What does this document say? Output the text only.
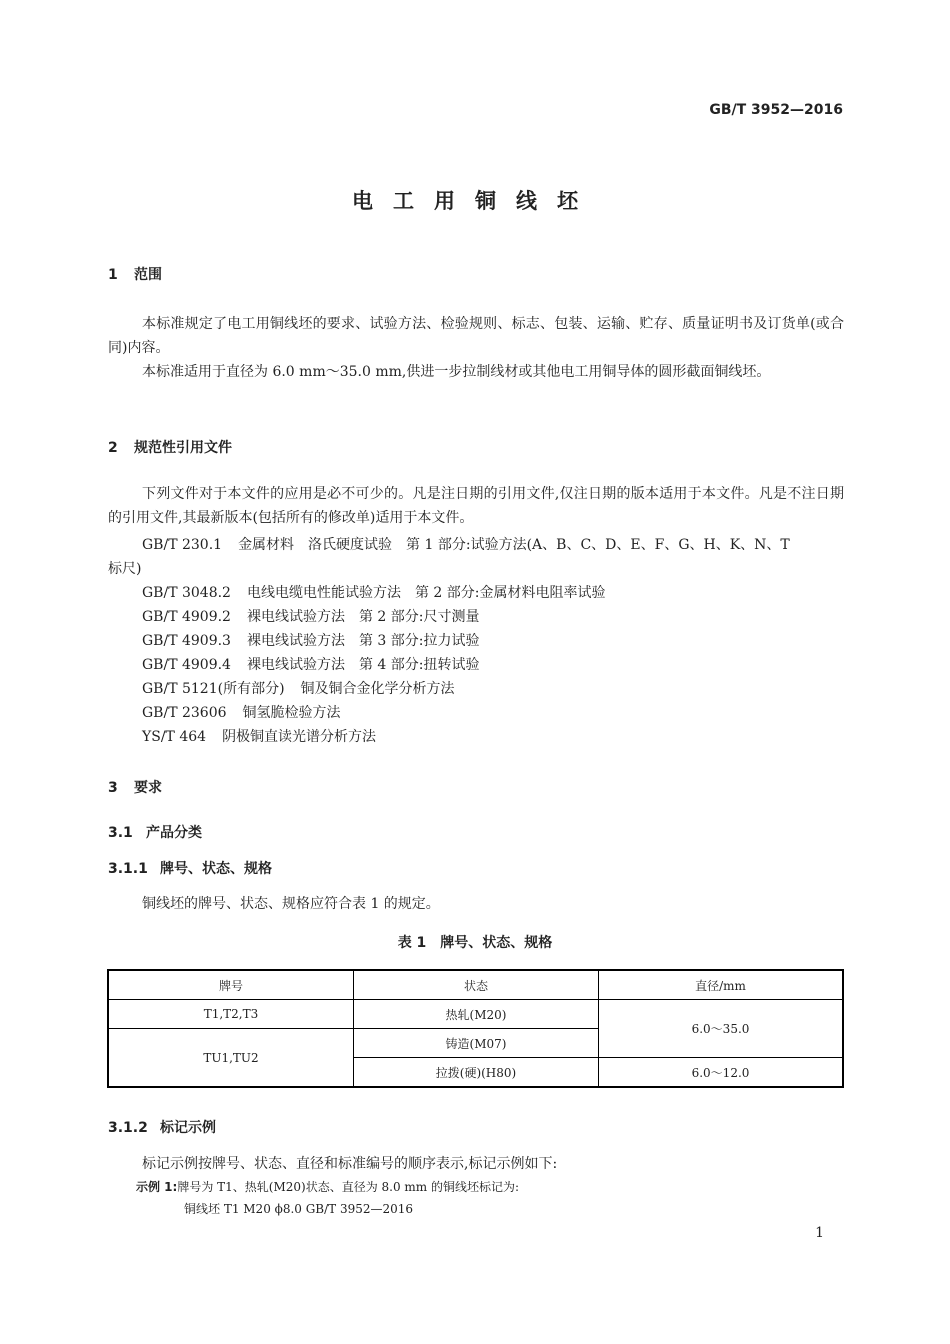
GB/T 3952—2016
电工用铜线坯
1 范围
本标准规定了电工用铜线坯的要求、试验方法、检验规则、标志、包装、运输、贮存、质量证明书及订货单(或合同)内容。
本标准适用于直径为 6.0 mm～35.0 mm,供进一步拉制线材或其他电工用铜导体的圆形截面铜线坯。
2 规范性引用文件
下列文件对于本文件的应用是必不可少的。凡是注日期的引用文件,仅注日期的版本适用于本文件。凡是不注日期的引用文件,其最新版本(包括所有的修改单)适用于本文件。
GB/T 230.1 金属材料　洛氏硬度试验　第 1 部分:试验方法(A、B、C、D、E、F、G、H、K、N、T
标尺)
GB/T 3048.2 电线电缆电性能试验方法　第 2 部分:金属材料电阻率试验
GB/T 4909.2 裸电线试验方法　第 2 部分:尺寸测量
GB/T 4909.3 裸电线试验方法　第 3 部分:拉力试验
GB/T 4909.4 裸电线试验方法　第 4 部分:扭转试验
GB/T 5121(所有部分) 铜及铜合金化学分析方法
GB/T 23606 铜氢脆检验方法
YS/T 464 阴极铜直读光谱分析方法
3 要求
3.1 产品分类
3.1.1 牌号、状态、规格
铜线坯的牌号、状态、规格应符合表 1 的规定。
表 1　牌号、状态、规格
牌号	状态	直径/mm
T1,T2,T3	热轧(M20)	6.0～35.0
TU1,TU2	铸造(M07)	
	拉拨(硬)(H80)	6.0～12.0
3.1.2 标记示例
标记示例按牌号、状态、直径和标准编号的顺序表示,标记示例如下:
示例 1:牌号为 T1、热轧(M20)状态、直径为 8.0 mm 的铜线坯标记为:
铜线坯 T1 M20 ϕ8.0 GB/T 3952—2016
1
